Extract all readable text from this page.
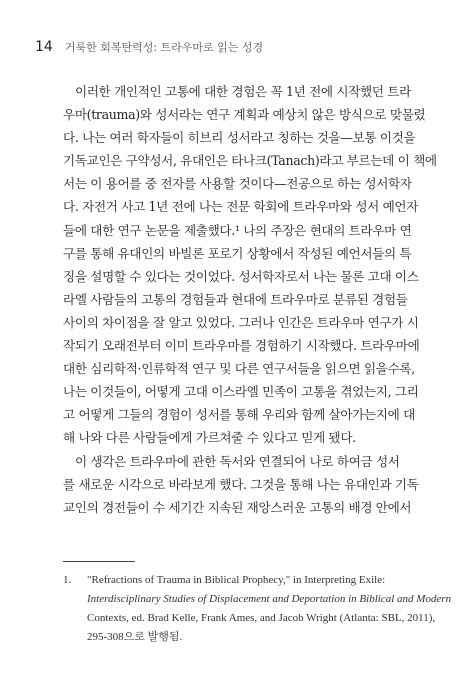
14 거룩한 회복탄력성: 트라우마로 읽는 성경
이러한 개인적인 고통에 대한 경험은 꼭 1년 전에 시작했던 트라
우마(trauma)와 성서라는 연구 계획과 예상치 않은 방식으로 맞물렸
다. 나는 여러 학자들이 히브리 성서라고 칭하는 것을—보통 이것을
기독교인은 구약성서, 유대인은 타나크(Tanach)라고 부르는데 이 책에
서는 이 용어를 중 전자를 사용할 것이다—전공으로 하는 성서학자
다. 자전거 사고 1년 전에 나는 전문 학회에 트라우마와 성서 예언자
들에 대한 연구 논문을 제출했다.¹ 나의 주장은 현대의 트라우마 연
구를 통해 유대인의 바빌론 포로기 상황에서 작성된 예언서들의 특
징을 설명할 수 있다는 것이었다. 성서학자로서 나는 물론 고대 이스
라엘 사람들의 고통의 경험들과 현대에 트라우마로 분류된 경험들
사이의 차이점을 잘 알고 있었다. 그러나 인간은 트라우마 연구가 시
작되기 오래전부터 이미 트라우마를 경험하기 시작했다. 트라우마에
대한 심리학적·인류학적 연구 및 다른 연구서들을 읽으면 읽을수록,
나는 이것들이, 어떻게 고대 이스라엘 민족이 고통을 겪었는지, 그리
고 어떻게 그들의 경험이 성서를 통해 우리와 함께 살아가는지에 대
해 나와 다른 사람들에게 가르쳐줄 수 있다고 믿게 됐다.
이 생각은 트라우마에 관한 독서와 연결되어 나로 하여금 성서
를 새로운 시각으로 바라보게 했다. 그것을 통해 나는 유대인과 기독
교인의 경전들이 수 세기간 지속된 재앙스러운 고통의 배경 안에서
1. "Refractions of Trauma in Biblical Prophecy," in Interpreting Exile:
Interdisciplinary Studies of Displacement and Deportation in Biblical and Modern
Contexts, ed. Brad Kelle, Frank Ames, and Jacob Wright (Atlanta: SBL, 2011),
295-308으로 발행됨.
